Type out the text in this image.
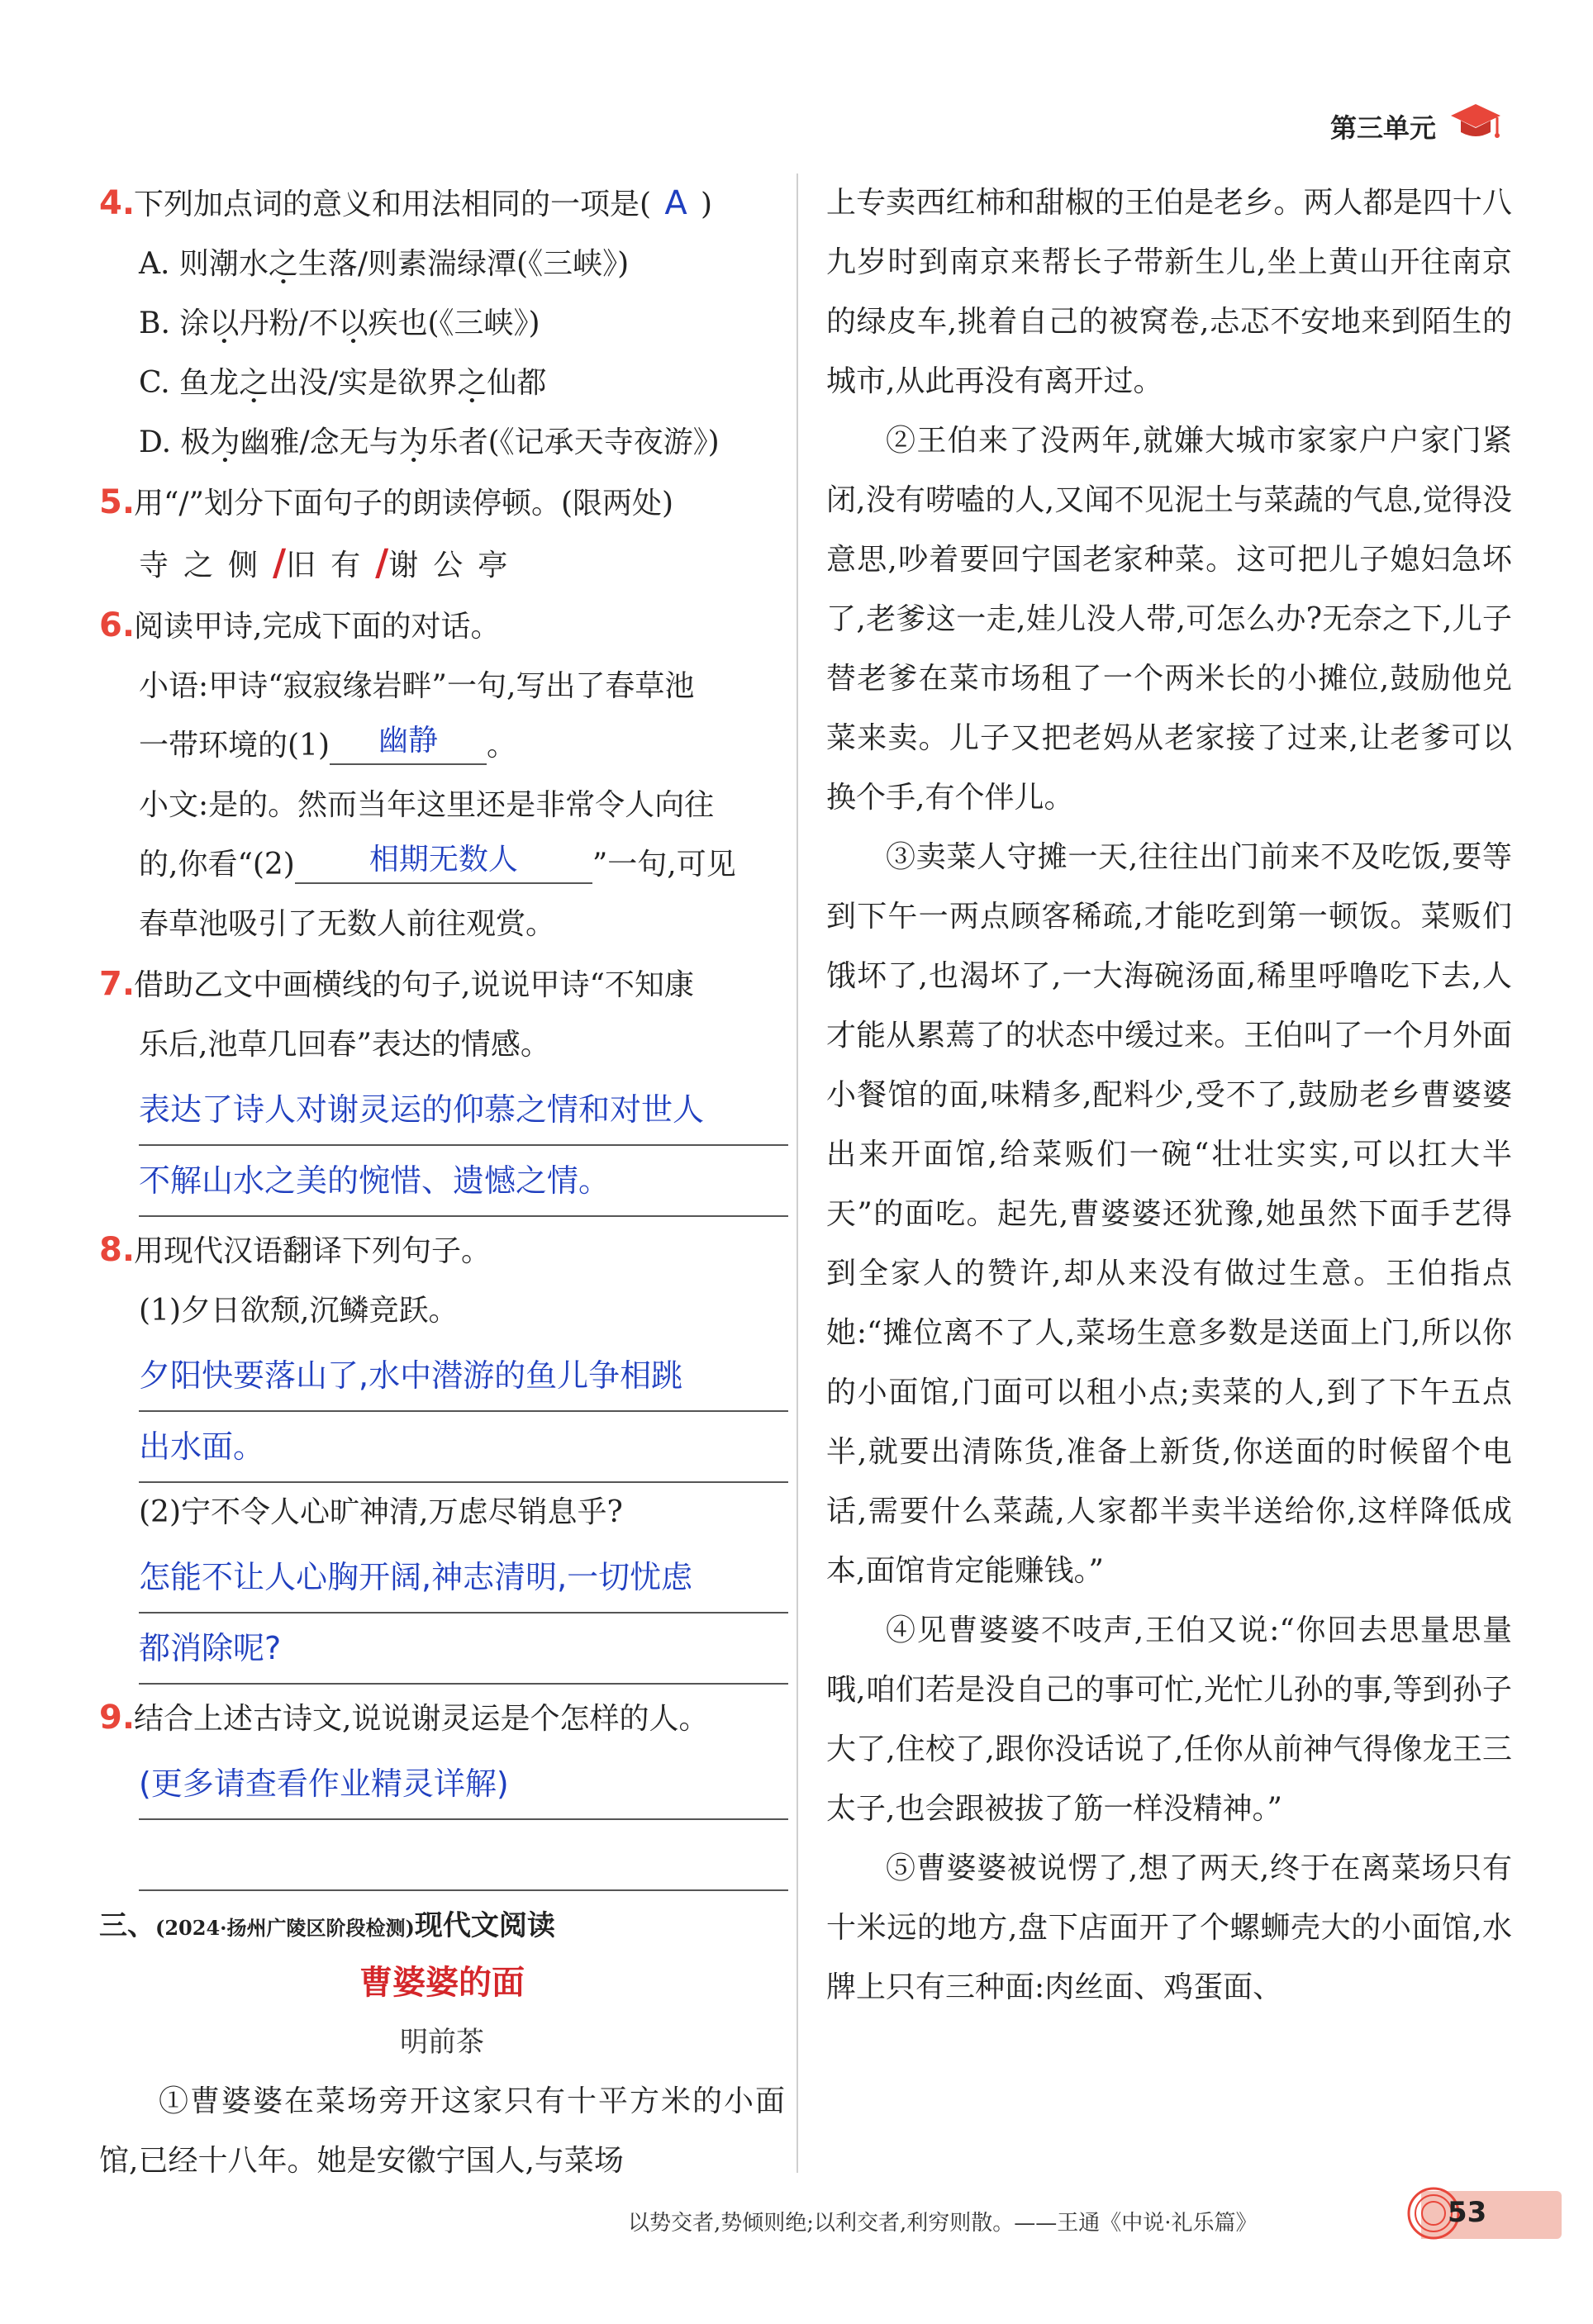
第三单元
4.下列加点词的意义和用法相同的一项是( A )
A. 则潮水之生落/则素湍绿潭(《三峡》)
B. 涂以丹粉/不以疾也(《三峡》)
C. 鱼龙之出没/实是欲界之仙都
D. 极为幽雅/念无与为乐者(《记承天寺夜游》)
5.用“/”划分下面句子的朗读停顿。(限两处)
寺之侧/旧有/谢公亭
6.阅读甲诗,完成下面的对话。
小语:甲诗“寂寂缘岩畔”一句,写出了春草池
一带环境的(1) 幽静 。
小文:是的。然而当年这里还是非常令人向往
的,你看“(2) 相期无数人	”一句,可见
春草池吸引了无数人前往观赏。
7.借助乙文中画横线的句子,说说甲诗“不知康
乐后,池草几回春”表达的情感。
表达了诗人对谢灵运的仰慕之情和对世人
不解山水之美的惋惜、遗憾之情。
8.用现代汉语翻译下列句子。
(1)夕日欲颓,沉鳞竞跃。
夕阳快要落山了,水中潜游的鱼儿争相跳
出水面。
(2)宁不令人心旷神清,万虑尽销息乎?
怎能不让人心胸开阔,神志清明,一切忧虑
都消除呢?
9.结合上述古诗文,说说谢灵运是个怎样的人。
(更多请查看作业精灵详解)
三、(2024·扬州广陵区阶段检测)现代文阅读
曹婆婆的面
明前茶

①曹婆婆在菜场旁开这家只有十平方米的小面馆,已经十八年。她是安徽宁国人,与菜场

上专卖西红柿和甜椒的王伯是老乡。两人都是四十八九岁时到南京来帮长子带新生儿,坐上黄山开往南京的绿皮车,挑着自己的被窝卷,忐忑不安地来到陌生的城市,从此再没有离开过。

②王伯来了没两年,就嫌大城市家家户户家门紧闭,没有唠嗑的人,又闻不见泥土与菜蔬的气息,觉得没意思,吵着要回宁国老家种菜。这可把儿子媳妇急坏了,老爹这一走,娃儿没人带,可怎么办?无奈之下,儿子替老爹在菜市场租了一个两米长的小摊位,鼓励他兑菜来卖。儿子又把老妈从老家接了过来,让老爹可以换个手,有个伴儿。

③卖菜人守摊一天,往往出门前来不及吃饭,要等到下午一两点顾客稀疏,才能吃到第一顿饭。菜贩们饿坏了,也渴坏了,一大海碗汤面,稀里呼噜吃下去,人才能从累蔫了的状态中缓过来。王伯叫了一个月外面小餐馆的面,味精多,配料少,受不了,鼓励老乡曹婆婆出来开面馆,给菜贩们一碗“壮壮实实,可以扛大半天”的面吃。起先,曹婆婆还犹豫,她虽然下面手艺得到全家人的赞许,却从来没有做过生意。王伯指点她:“摊位离不了人,菜场生意多数是送面上门,所以你的小面馆,门面可以租小点;卖菜的人,到了下午五点半,就要出清陈货,准备上新货,你送面的时候留个电话,需要什么菜蔬,人家都半卖半送给你,这样降低成本,面馆肯定能赚钱。”

④见曹婆婆不吱声,王伯又说:“你回去思量思量哦,咱们若是没自己的事可忙,光忙儿孙的事,等到孙子大了,住校了,跟你没话说了,任你从前神气得像龙王三太子,也会跟被拔了筋一样没精神。”

⑤曹婆婆被说愣了,想了两天,终于在离菜场只有十米远的地方,盘下店面开了个螺蛳壳大的小面馆,水牌上只有三种面:肉丝面、鸡蛋面、

以势交者,势倾则绝;以利交者,利穷则散。——王通《中说·礼乐篇》	53
